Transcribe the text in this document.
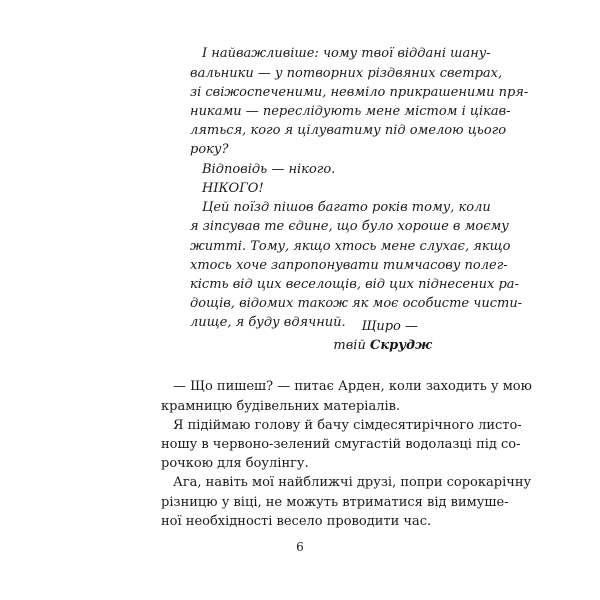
І найважливіше: чому твої віддані шану-

вальники — у потворних різдвяних светрах,

зі свіжоспеченими, невміло прикрашеними пря-

никами — переслідують мене містом і цікав-

ляться, кого я цілуватиму під омелою цього

року?

Відповідь — нікого.

НІКОГО!

Цей поїзд пішов багато років тому, коли

я зіпсував те єдине, що було хороше в моєму

житті. Тому, якщо хтось мене слухає, якщо

хтось хоче запропонувати тимчасову полег-

кість від цих веселощів, від цих піднесених ра-

дощів, відомих також як моє особисте чисти-

лище, я буду вдячний.	Щиро —

твій Скрудж

— Що пишеш? — питає Арден, коли заходить у мою

крамницю будівельних матеріалів.

Я підіймаю голову й бачу сімдесятирічного листо-

ношу в червоно-зелений смугастій водолазці під со-

рочкою для боулінгу.

Ага, навіть мої найближчі друзі, попри сорокарічну

різницю у віці, не можуть втриматися від вимуше-

ної необхідності весело проводити час.

6
